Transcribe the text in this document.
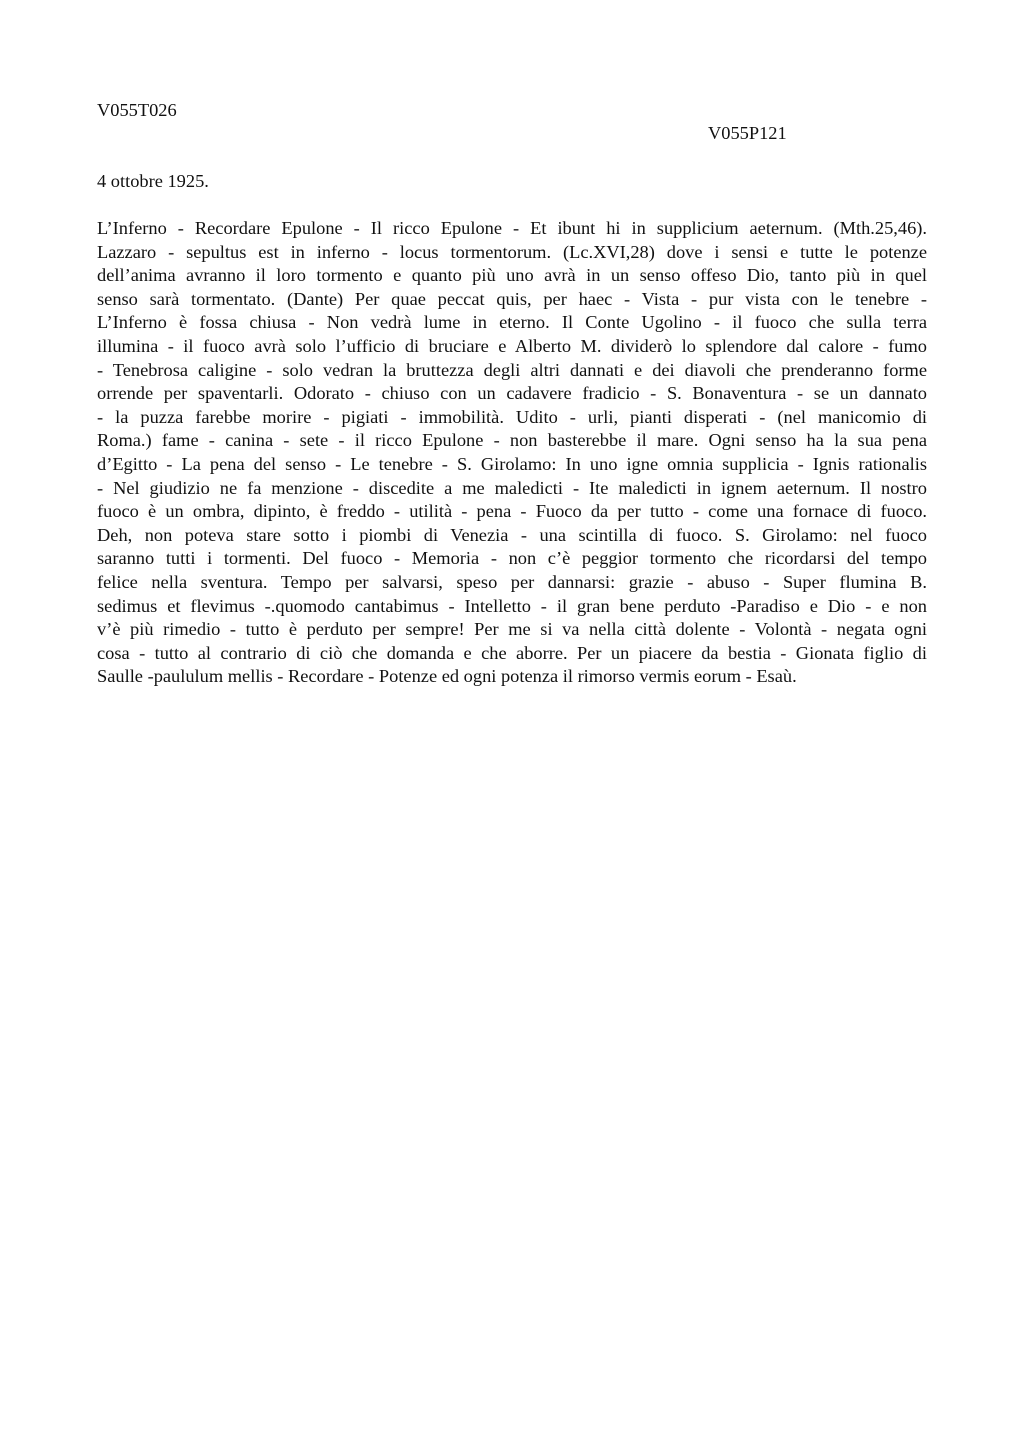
V055T026

V055P121

4 ottobre 1925.

L’Inferno - Recordare Epulone - Il ricco Epulone - Et ibunt hi in supplicium aeternum. (Mth.25,46).
Lazzaro - sepultus est in inferno - locus tormentorum. (Lc.XVI,28) dove i sensi e tutte le potenze
dell’anima avranno il loro tormento e quanto più uno avrà in un senso offeso Dio, tanto più in quel
senso sarà tormentato. (Dante) Per quae peccat quis, per haec - Vista - pur vista con le tenebre -
L’Inferno è fossa chiusa - Non vedrà lume in eterno. Il Conte Ugolino - il fuoco che sulla terra
illumina - il fuoco avrà solo l’ufficio di bruciare e Alberto M. dividerò lo splendore dal calore - fumo
- Tenebrosa caligine - solo vedran la bruttezza degli altri dannati e dei diavoli che prenderanno forme
orrende per spaventarli. Odorato - chiuso con un cadavere fradicio - S. Bonaventura - se un dannato
- la puzza farebbe morire - pigiati - immobilità. Udito - urli, pianti disperati - (nel manicomio di
Roma.) fame - canina - sete - il ricco Epulone - non basterebbe il mare. Ogni senso ha la sua pena
d’Egitto - La pena del senso - Le tenebre - S. Girolamo: In uno igne omnia supplicia - Ignis rationalis
- Nel giudizio ne fa menzione - discedite a me maledicti - Ite maledicti in ignem aeternum. Il nostro
fuoco è un ombra, dipinto, è freddo - utilità - pena - Fuoco da per tutto - come una fornace di fuoco.
Deh, non poteva stare sotto i piombi di Venezia - una scintilla di fuoco. S. Girolamo: nel fuoco
saranno tutti i tormenti. Del fuoco - Memoria - non c’è peggior tormento che ricordarsi del tempo
felice nella sventura. Tempo per salvarsi, speso per dannarsi: grazie - abuso - Super flumina B.
sedimus et flevimus -.quomodo cantabimus - Intelletto - il gran bene perduto -Paradiso e Dio - e non
v’è più rimedio - tutto è perduto per sempre! Per me si va nella città dolente - Volontà - negata ogni
cosa - tutto al contrario di ciò che domanda e che aborre. Per un piacere da bestia - Gionata figlio di
Saulle -paululum mellis - Recordare - Potenze ed ogni potenza il rimorso vermis eorum - Esaù.
